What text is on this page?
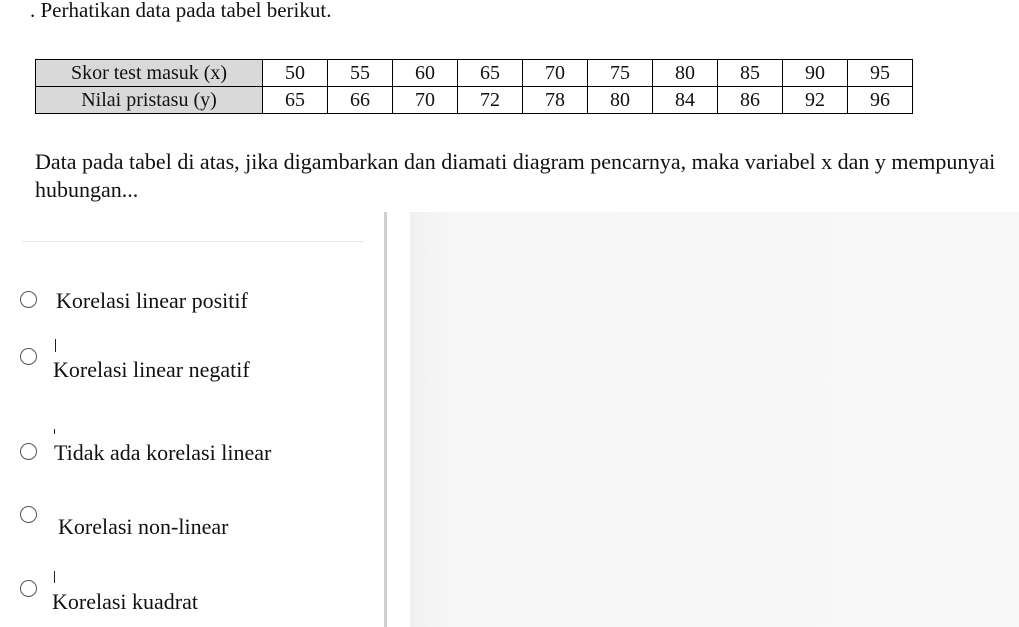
. Perhatikan data pada tabel berikut.
Skor test masuk (x)	50	55	60	65	70	75	80	85	90	95
Nilai pristasu (y)	65	66	70	72	78	80	84	86	92	96
Data pada tabel di atas, jika digambarkan dan diamati diagram pencarnya, maka variabel x dan y mempunyai hubungan...
Korelasi linear positif
Korelasi linear negatif
Tidak ada korelasi linear
Korelasi non-linear
Korelasi kuadrat
